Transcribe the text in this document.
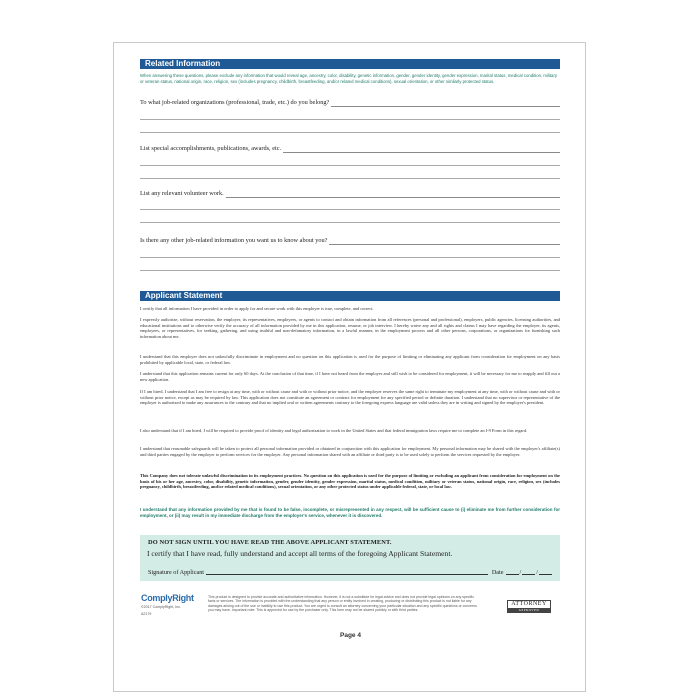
Related Information
When answering these questions, please exclude any information that would reveal age, ancestry, color, disability, genetic information, gender, gender identity, gender expression, marital status, medical condition, military or veteran status, national origin, race, religion, sex (includes pregnancy, childbirth, breastfeeding, and/or related medical conditions), sexual orientation, or other similarly protected status.
To what job-related organizations (professional, trade, etc.) do you belong?
List special accomplishments, publications, awards, etc.
List any relevant volunteer work.
Is there any other job-related information you want us to know about you?
Applicant Statement
I certify that all information I have provided in order to apply for and secure work with this employer is true, complete, and correct.
I expressly authorize, without reservation, the employer, its representatives, employees, or agents to contact and obtain information from all references (personal and professional), employers, public agencies, licensing authorities, and educational institutions and to otherwise verify the accuracy of all information provided by me in this application, resume, or job interview. I hereby waive any and all rights and claims I may have regarding the employer, its agents, employees, or representatives, for seeking, gathering, and using truthful and non-defamatory information, in a lawful manner, in the employment process and all other persons, corporations, or organizations for furnishing such information about me.
I understand that this employer does not unlawfully discriminate in employment and no question on this application is used for the purpose of limiting or eliminating any applicant from consideration for employment on any basis prohibited by applicable local, state, or federal law.
I understand that this application remains current for only 60 days. At the conclusion of that time, if I have not heard from the employer and still wish to be considered for employment, it will be necessary for me to reapply and fill out a new application.
If I am hired, I understand that I am free to resign at any time, with or without cause and with or without prior notice, and the employer reserves the same right to terminate my employment at any time, with or without cause and with or without prior notice, except as may be required by law. This application does not constitute an agreement or contract for employment for any specified period or definite duration. I understand that no supervisor or representative of the employer is authorized to make any assurances to the contrary and that no implied oral or written agreements contrary to the foregoing express language are valid unless they are in writing and signed by the employer's president.
I also understand that if I am hired, I will be required to provide proof of identity and legal authorization to work in the United States and that federal immigration laws require me to complete an I-9 Form in this regard.
I understand that reasonable safeguards will be taken to protect all personal information provided or obtained in conjunction with this application for employment. My personal information may be shared with the employer's affiliate(s) and third parties engaged by the employer to perform services for the employer. Any personal information shared with an affiliate or third party is to be used solely to perform the services requested by the employer.
This Company does not tolerate unlawful discrimination in its employment practices. No question on this application is used for the purpose of limiting or excluding an applicant from consideration for employment on the basis of his or her age, ancestry, color, disability, genetic information, gender, gender identity, gender expression, marital status, medical condition, military or veteran status, national origin, race, religion, sex (includes pregnancy, childbirth, breastfeeding, and/or related medical conditions), sexual orientation, or any other protected status under applicable federal, state, or local law.
I understand that any information provided by me that is found to be false, incomplete, or misrepresented in any respect, will be sufficient cause to (i) eliminate me from further consideration for employment, or (ii) may result in my immediate discharge from the employer's service, whenever it is discovered.
DO NOT SIGN UNTIL YOU HAVE READ THE ABOVE APPLICANT STATEMENT.
I certify that I have read, fully understand and accept all terms of the foregoing Applicant Statement.
Signature of Applicant	Date	/ /
ComplyRight
©2017 ComplyRight, Inc.
A2179
This product is designed to provide accurate and authoritative information. However, it is not a substitute for legal advice and does not provide legal opinions on any specific facts or services. The information is provided with the understanding that any person or entity involved in creating, producing or distributing this product is not liable for any damages arising out of the use or inability to use this product. You are urged to consult an attorney concerning your particular situation and any specific questions or concerns you may have. Important note: This is approved for use by the purchaser only. This form may not be shared publicly or with third parties.
ATTORNEY
APPROVED
Page 4
